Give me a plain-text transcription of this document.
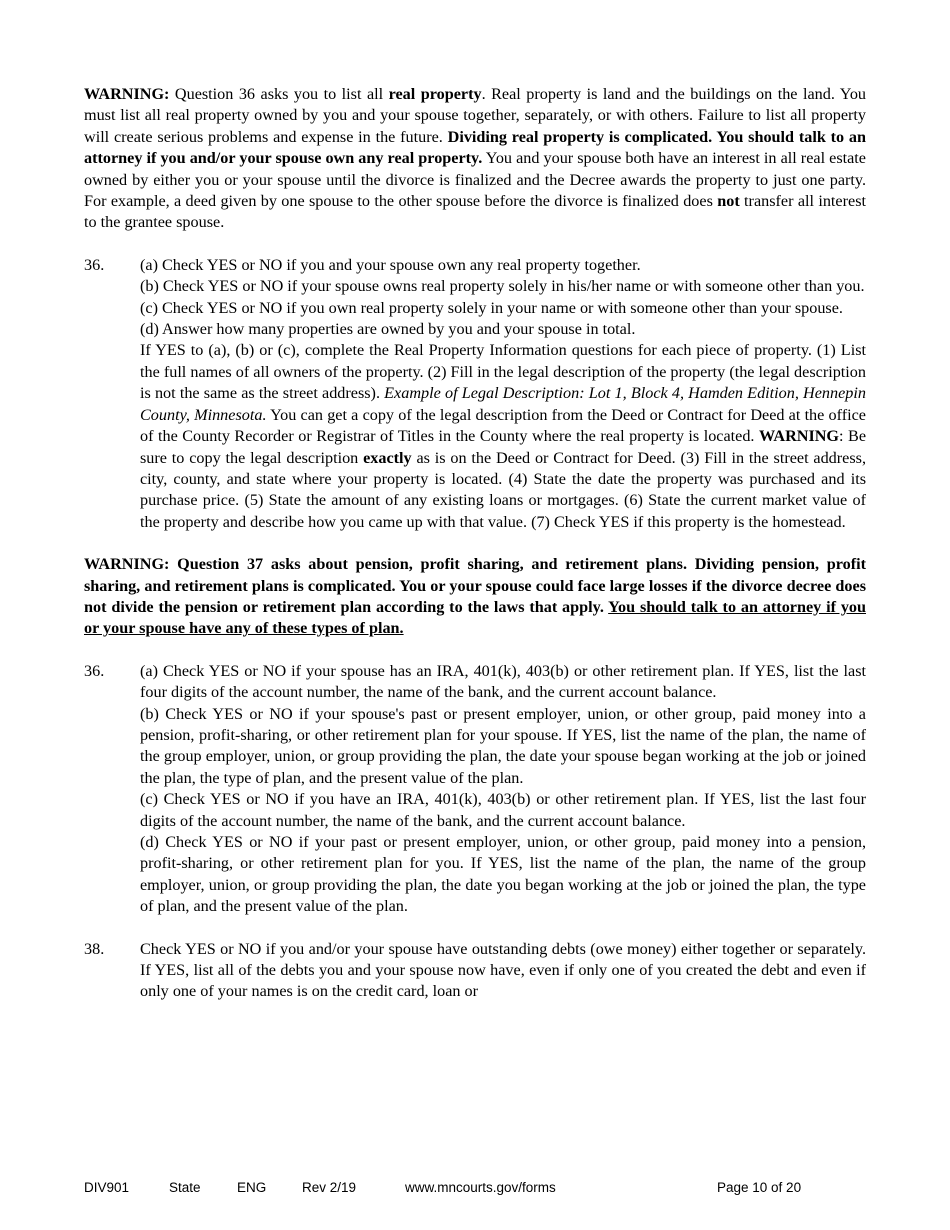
WARNING: Question 36 asks you to list all real property. Real property is land and the buildings on the land. You must list all real property owned by you and your spouse together, separately, or with others. Failure to list all property will create serious problems and expense in the future. Dividing real property is complicated. You should talk to an attorney if you and/or your spouse own any real property. You and your spouse both have an interest in all real estate owned by either you or your spouse until the divorce is finalized and the Decree awards the property to just one party. For example, a deed given by one spouse to the other spouse before the divorce is finalized does not transfer all interest to the grantee spouse.

36.	(a) Check YES or NO if you and your spouse own any real property together.

(b) Check YES or NO if your spouse owns real property solely in his/her name or with someone other than you.

(c) Check YES or NO if you own real property solely in your name or with someone other than your spouse.

(d) Answer how many properties are owned by you and your spouse in total.

If YES to (a), (b) or (c), complete the Real Property Information questions for each piece of property. (1) List the full names of all owners of the property. (2) Fill in the legal description of the property (the legal description is not the same as the street address). Example of Legal Description: Lot 1, Block 4, Hamden Edition, Hennepin County, Minnesota. You can get a copy of the legal description from the Deed or Contract for Deed at the office of the County Recorder or Registrar of Titles in the County where the real property is located. WARNING: Be sure to copy the legal description exactly as is on the Deed or Contract for Deed. (3) Fill in the street address, city, county, and state where your property is located. (4) State the date the property was purchased and its purchase price. (5) State the amount of any existing loans or mortgages. (6) State the current market value of the property and describe how you came up with that value. (7) Check YES if this property is the homestead.

WARNING: Question 37 asks about pension, profit sharing, and retirement plans. Dividing pension, profit sharing, and retirement plans is complicated. You or your spouse could face large losses if the divorce decree does not divide the pension or retirement plan according to the laws that apply. You should talk to an attorney if you or your spouse have any of these types of plan.

36.	(a) Check YES or NO if your spouse has an IRA, 401(k), 403(b) or other retirement plan. If YES, list the last four digits of the account number, the name of the bank, and the current account balance.

(b) Check YES or NO if your spouse's past or present employer, union, or other group, paid money into a pension, profit-sharing, or other retirement plan for your spouse. If YES, list the name of the plan, the name of the group employer, union, or group providing the plan, the date your spouse began working at the job or joined the plan, the type of plan, and the present value of the plan.

(c) Check YES or NO if you have an IRA, 401(k), 403(b) or other retirement plan. If YES, list the last four digits of the account number, the name of the bank, and the current account balance.

(d) Check YES or NO if your past or present employer, union, or other group, paid money into a pension, profit-sharing, or other retirement plan for you. If YES, list the name of the plan, the name of the group employer, union, or group providing the plan, the date you began working at the job or joined the plan, the type of plan, and the present value of the plan.

38.	Check YES or NO if you and/or your spouse have outstanding debts (owe money) either together or separately. If YES, list all of the debts you and your spouse now have, even if only one of you created the debt and even if only one of your names is on the credit card, loan or

DIV901	State	ENG	Rev 2/19	www.mncourts.gov/forms	Page 10 of 20
